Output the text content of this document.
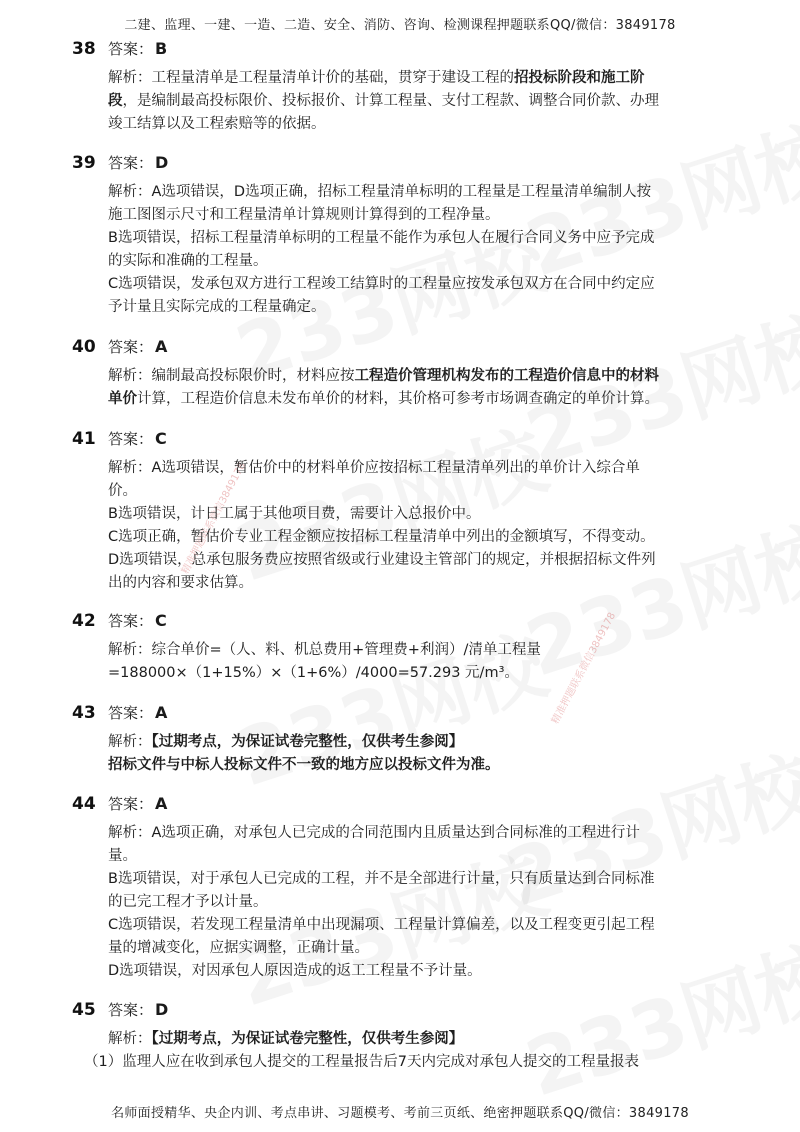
精准押题联系微信3849178
精准押题联系微信3849178
二建、监理、一建、一造、二造、安全、消防、咨询、检测课程押题联系QQ/微信：3849178
38 答案： B

解析：工程量清单是工程量清单计价的基础，贯穿于建设工程的招投标阶段和施工阶

段，是编制最高投标限价、投标报价、计算工程量、支付工程款、调整合同价款、办理

竣工结算以及工程索赔等的依据。

39 答案： D

解析：A选项错误，D选项正确，招标工程量清单标明的工程量是工程量清单编制人按

施工图图示尺寸和工程量清单计算规则计算得到的工程净量。

B选项错误，招标工程量清单标明的工程量不能作为承包人在履行合同义务中应予完成

的实际和准确的工程量。

C选项错误，发承包双方进行工程竣工结算时的工程量应按发承包双方在合同中约定应

予计量且实际完成的工程量确定。

40 答案： A

解析：编制最高投标限价时，材料应按工程造价管理机构发布的工程造价信息中的材料

单价计算，工程造价信息未发布单价的材料，其价格可参考市场调查确定的单价计算。

41 答案： C

解析：A选项错误，暂估价中的材料单价应按招标工程量清单列出的单价计入综合单

价。

B选项错误，计日工属于其他项目费，需要计入总报价中。

C选项正确，暂估价专业工程金额应按招标工程量清单中列出的金额填写，不得变动。

D选项错误，总承包服务费应按照省级或行业建设主管部门的规定，并根据招标文件列

出的内容和要求估算。

42 答案： C

解析：综合单价=（人、料、机总费用+管理费+利润）/清单工程量

=188000×（1+15%）×（1+6%）/4000=57.293 元/m³。

43 答案： A

解析：【过期考点，为保证试卷完整性，仅供考生参阅】

招标文件与中标人投标文件不一致的地方应以投标文件为准。

44 答案： A

解析：A选项正确，对承包人已完成的合同范围内且质量达到合同标准的工程进行计

量。

B选项错误，对于承包人已完成的工程，并不是全部进行计量，只有质量达到合同标准

的已完工程才予以计量。

C选项错误，若发现工程量清单中出现漏项、工程量计算偏差，以及工程变更引起工程

量的增减变化，应据实调整，正确计量。

D选项错误，对因承包人原因造成的返工工程量不予计量。

45 答案： D

解析：【过期考点，为保证试卷完整性，仅供考生参阅】

（1）监理人应在收到承包人提交的工程量报告后7天内完成对承包人提交的工程量报表

名师面授精华、央企内训、考点串讲、习题模考、考前三页纸、绝密押题联系QQ/微信：3849178
